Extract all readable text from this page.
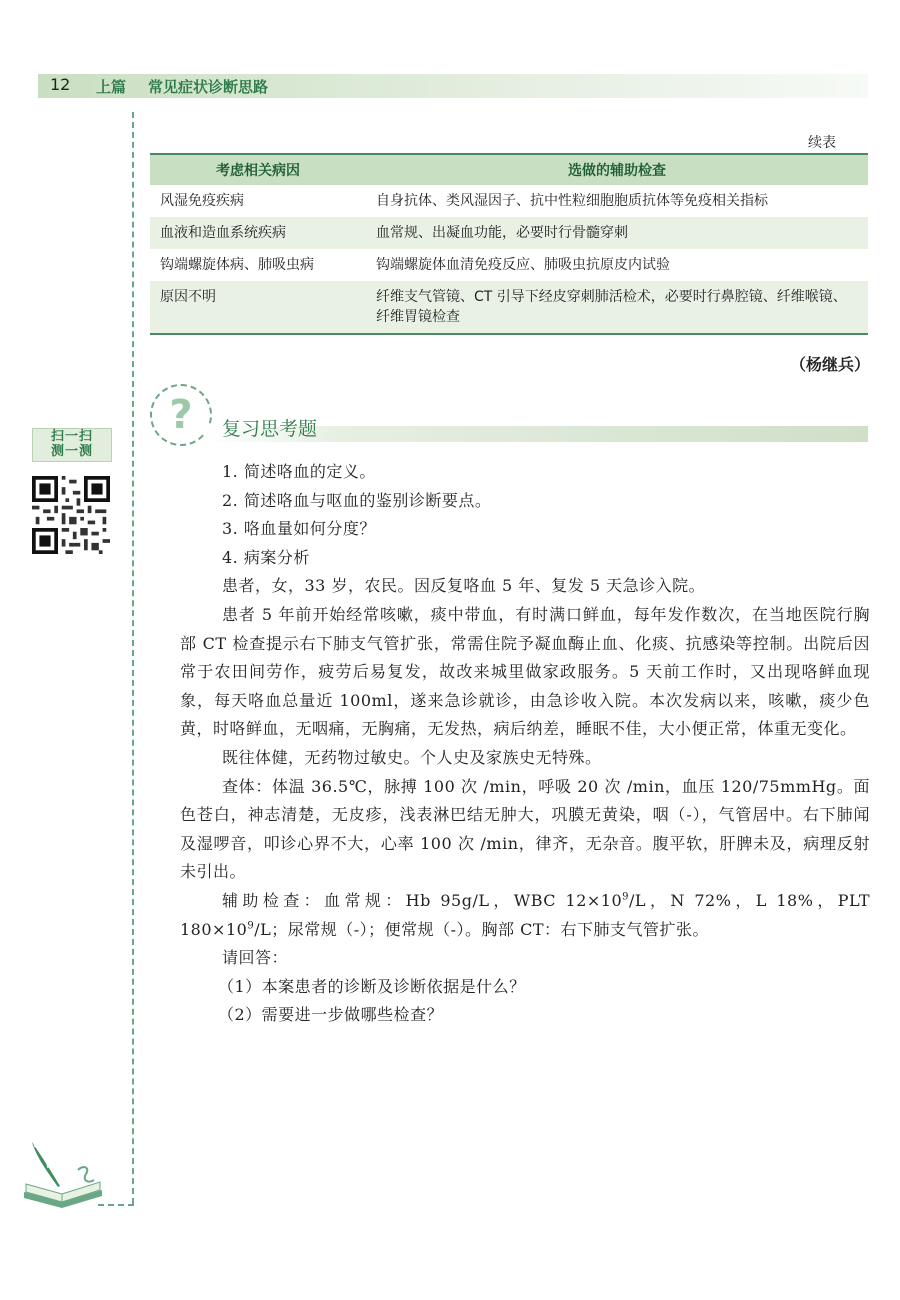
12 上篇 常见症状诊断思路
续表
考虑相关病因	选做的辅助检查
风湿免疫疾病	自身抗体、类风湿因子、抗中性粒细胞胞质抗体等免疫相关指标
血液和造血系统疾病	血常规、出凝血功能，必要时行骨髓穿刺
钩端螺旋体病、肺吸虫病	钩端螺旋体血清免疫反应、肺吸虫抗原皮内试验
原因不明	纤维支气管镜、CT 引导下经皮穿刺肺活检术，必要时行鼻腔镜、纤维喉镜、纤维胃镜检查
（杨继兵）
? 复习思考题
扫一扫
测一测

1. 简述咯血的定义。

2. 简述咯血与呕血的鉴别诊断要点。

3. 咯血量如何分度？

4. 病案分析

患者，女，33 岁，农民。因反复咯血 5 年、复发 5 天急诊入院。

患者 5 年前开始经常咳嗽，痰中带血，有时满口鲜血，每年发作数次，在当地医院行胸部 CT 检查提示右下肺支气管扩张，常需住院予凝血酶止血、化痰、抗感染等控制。出院后因常于农田间劳作，疲劳后易复发，故改来城里做家政服务。5 天前工作时，又出现咯鲜血现象，每天咯血总量近 100ml，遂来急诊就诊，由急诊收入院。本次发病以来，咳嗽，痰少色黄，时咯鲜血，无咽痛，无胸痛，无发热，病后纳差，睡眠不佳，大小便正常，体重无变化。

既往体健，无药物过敏史。个人史及家族史无特殊。

查体：体温 36.5℃，脉搏 100 次 /min，呼吸 20 次 /min，血压 120/75mmHg。面色苍白，神志清楚，无皮疹，浅表淋巴结无肿大，巩膜无黄染，咽（-），气管居中。右下肺闻及湿啰音，叩诊心界不大，心率 100 次 /min，律齐，无杂音。腹平软，肝脾未及，病理反射未引出。

辅助检查：血常规：Hb 95g/L，WBC $12\times 10^9/L$，N 72%，L 18%，PLT $180\times 10^9/L$；尿常规（-）；便常规（-）。胸部 CT：右下肺支气管扩张。

请回答：

（1）本案患者的诊断及诊断依据是什么？

（2）需要进一步做哪些检查？
